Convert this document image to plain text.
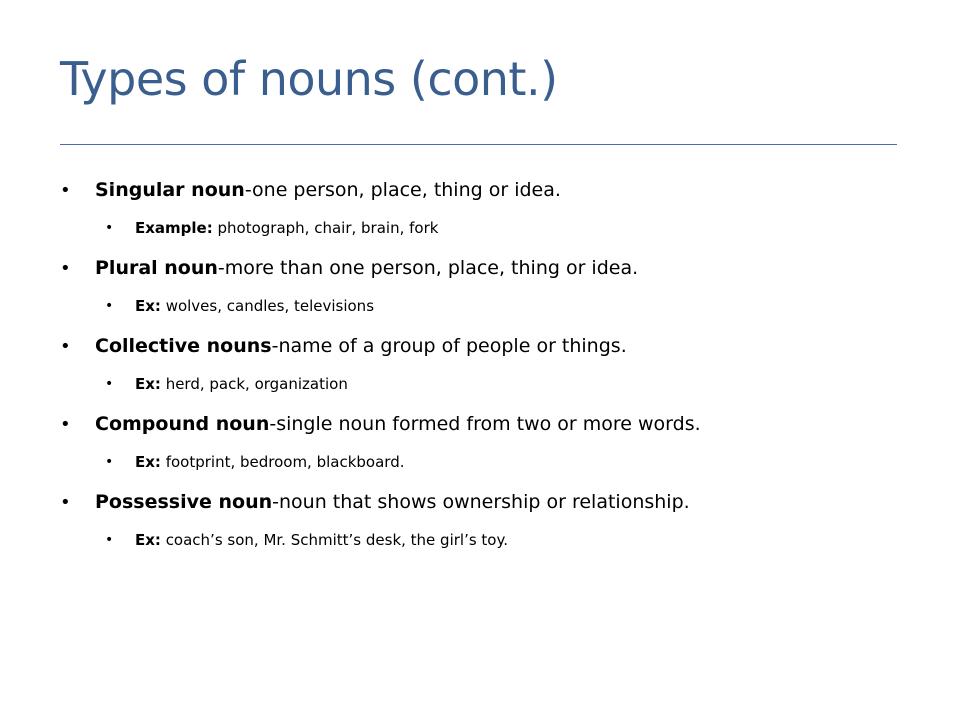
Types of nouns (cont.)
• Singular noun-one person, place, thing or idea.
• Example: photograph, chair, brain, fork
• Plural noun-more than one person, place, thing or idea.
• Ex: wolves, candles, televisions
• Collective nouns-name of a group of people or things.
• Ex: herd, pack, organization
• Compound noun-single noun formed from two or more words.
• Ex: footprint, bedroom, blackboard.
• Possessive noun-noun that shows ownership or relationship.
• Ex: coach’s son, Mr. Schmitt’s desk, the girl’s toy.
